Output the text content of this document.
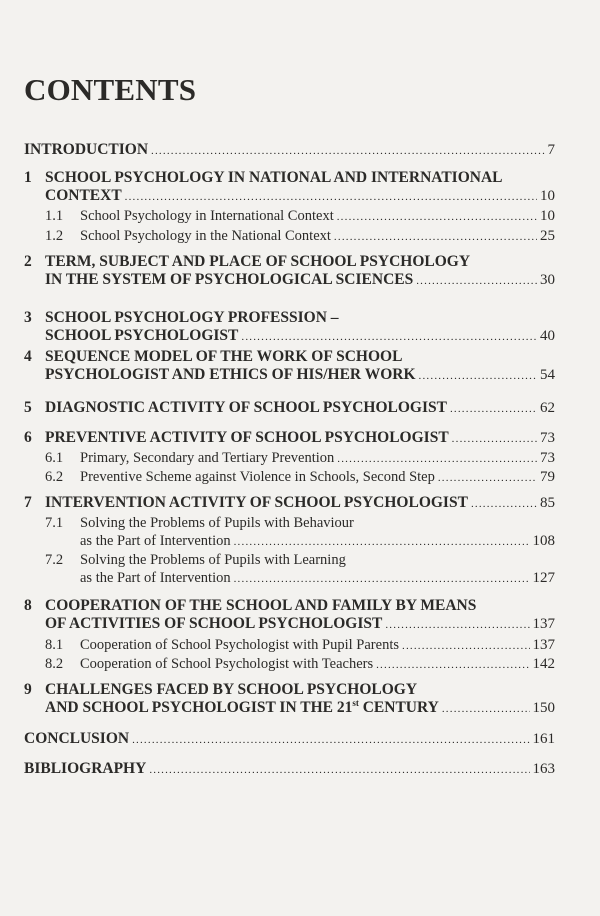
CONTENTS
INTRODUCTION .....	7
1 SCHOOL PSYCHOLOGY IN NATIONAL AND INTERNATIONAL
CONTEXT .....	10
1.1	School Psychology in International Context .....	10
1.2	School Psychology in the National Context .....	25
2 TERM, SUBJECT AND PLACE OF SCHOOL PSYCHOLOGY
IN THE SYSTEM OF PSYCHOLOGICAL SCIENCES .....	30
3 SCHOOL PSYCHOLOGY PROFESSION –
SCHOOL PSYCHOLOGIST .....	40
4 SEQUENCE MODEL OF THE WORK OF SCHOOL
PSYCHOLOGIST AND ETHICS OF HIS/HER WORK .....	54
5 DIAGNOSTIC ACTIVITY OF SCHOOL PSYCHOLOGIST .....	62
6 PREVENTIVE ACTIVITY OF SCHOOL PSYCHOLOGIST .....	73
6.1	Primary, Secondary and Tertiary Prevention .....	73
6.2	Preventive Scheme against Violence in Schools, Second Step .....	79
7 INTERVENTION ACTIVITY OF SCHOOL PSYCHOLOGIST .....	85
7.1	Solving the Problems of Pupils with Behaviour
as the Part of Intervention .....	108
7.2	Solving the Problems of Pupils with Learning
as the Part of Intervention .....	127
8 COOPERATION OF THE SCHOOL AND FAMILY BY MEANS
OF ACTIVITIES OF SCHOOL PSYCHOLOGIST .....	137
8.1	Cooperation of School Psychologist with Pupil Parents .....	137
8.2	Cooperation of School Psychologist with Teachers .....	142
9 CHALLENGES FACED BY SCHOOL PSYCHOLOGY
AND SCHOOL PSYCHOLOGIST IN THE 21st CENTURY .....	150
CONCLUSION .....	161
BIBLIOGRAPHY .....	163
